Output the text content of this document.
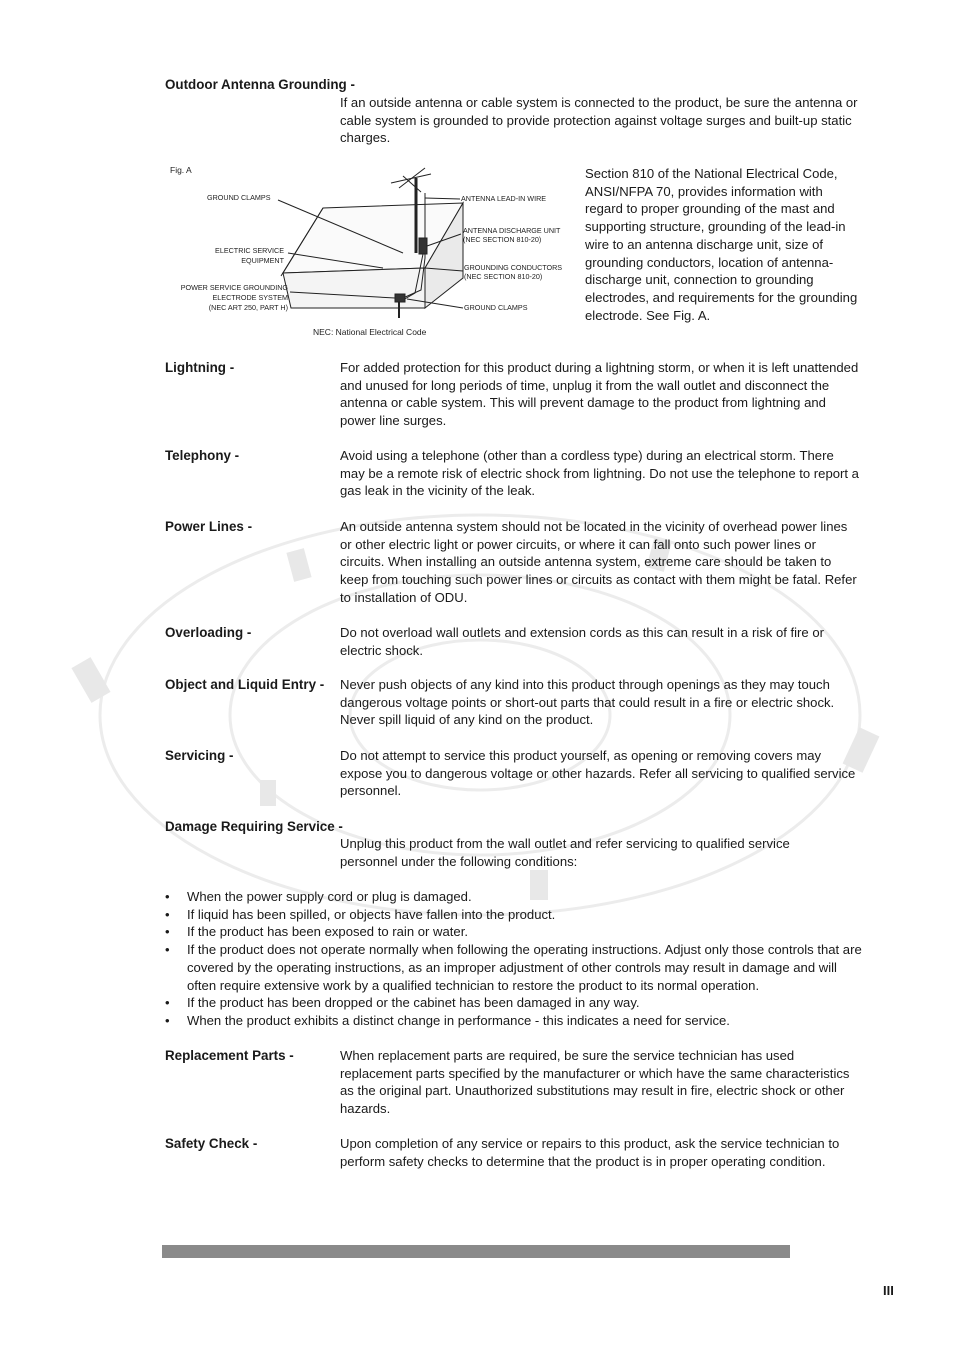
Outdoor Antenna Grounding -
If an outside antenna or cable system is connected to the product, be sure the antenna or cable system is grounded to provide protection against voltage surges and built-up static charges.
Fig. A
GROUND CLAMPS
ELECTRIC SERVICE
EQUIPMENT
POWER SERVICE GROUNDING
ELECTRODE SYSTEM
(NEC ART 250, PART H)
ANTENNA LEAD-IN WIRE
ANTENNA DISCHARGE UNIT
(NEC SECTION 810-20)
GROUNDING CONDUCTORS
(NEC SECTION 810-20)
GROUND CLAMPS
NEC: National Electrical Code
Section 810 of the National Electrical Code, ANSI/NFPA 70, provides information with regard to proper grounding of the mast and supporting structure, grounding of the lead-in wire to an antenna discharge unit, size of grounding conductors, location of antenna-discharge unit, connection to grounding electrodes, and requirements for the grounding electrode. See Fig. A.
Lightning -	For added protection for this product during a lightning storm, or when it is left unattended and unused for long periods of time, unplug it from the wall outlet and disconnect the antenna or cable system. This will prevent damage to the product from lightning and power line surges.
Telephony -	Avoid using a telephone (other than a cordless type) during an electrical storm. There may be a remote risk of electric shock from lightning. Do not use the telephone to report a gas leak in the vicinity of the leak.
Power Lines -	An outside antenna system should not be located in the vicinity of overhead power lines or other electric light or power circuits, or where it can fall onto such power lines or circuits. When installing an outside antenna system, extreme care should be taken to keep from touching such power lines or circuits as contact with them might be fatal. Refer to installation of ODU.
Overloading -	Do not overload wall outlets and extension cords as this can result in a risk of fire or electric shock.
Object and Liquid Entry -	Never push objects of any kind into this product through openings as they may touch dangerous voltage points or short-out parts that could result in a fire or electric shock. Never spill liquid of any kind on the product.
Servicing -	Do not attempt to service this product yourself, as opening or removing covers may expose you to dangerous voltage or other hazards. Refer all servicing to qualified service personnel.
Damage Requiring Service -
Unplug this product from the wall outlet and refer servicing to qualified service personnel under the following conditions:
• When the power supply cord or plug is damaged.
• If liquid has been spilled, or objects have fallen into the product.
• If the product has been exposed to rain or water.
• If the product does not operate normally when following the operating instructions. Adjust only those controls that are covered by the operating instructions, as an improper adjustment of other controls may result in damage and will often require extensive work by a qualified technician to restore the product to its normal operation.
• If the product has been dropped or the cabinet has been damaged in any way.
• When the product exhibits a distinct change in performance - this indicates a need for service.
Replacement Parts -	When replacement parts are required, be sure the service technician has used replacement parts specified by the manufacturer or which have the same characteristics as the original part. Unauthorized substitutions may result in fire, electric shock or other hazards.
Safety Check -	Upon completion of any service or repairs to this product, ask the service technician to perform safety checks to determine that the product is in proper operating condition.
III
